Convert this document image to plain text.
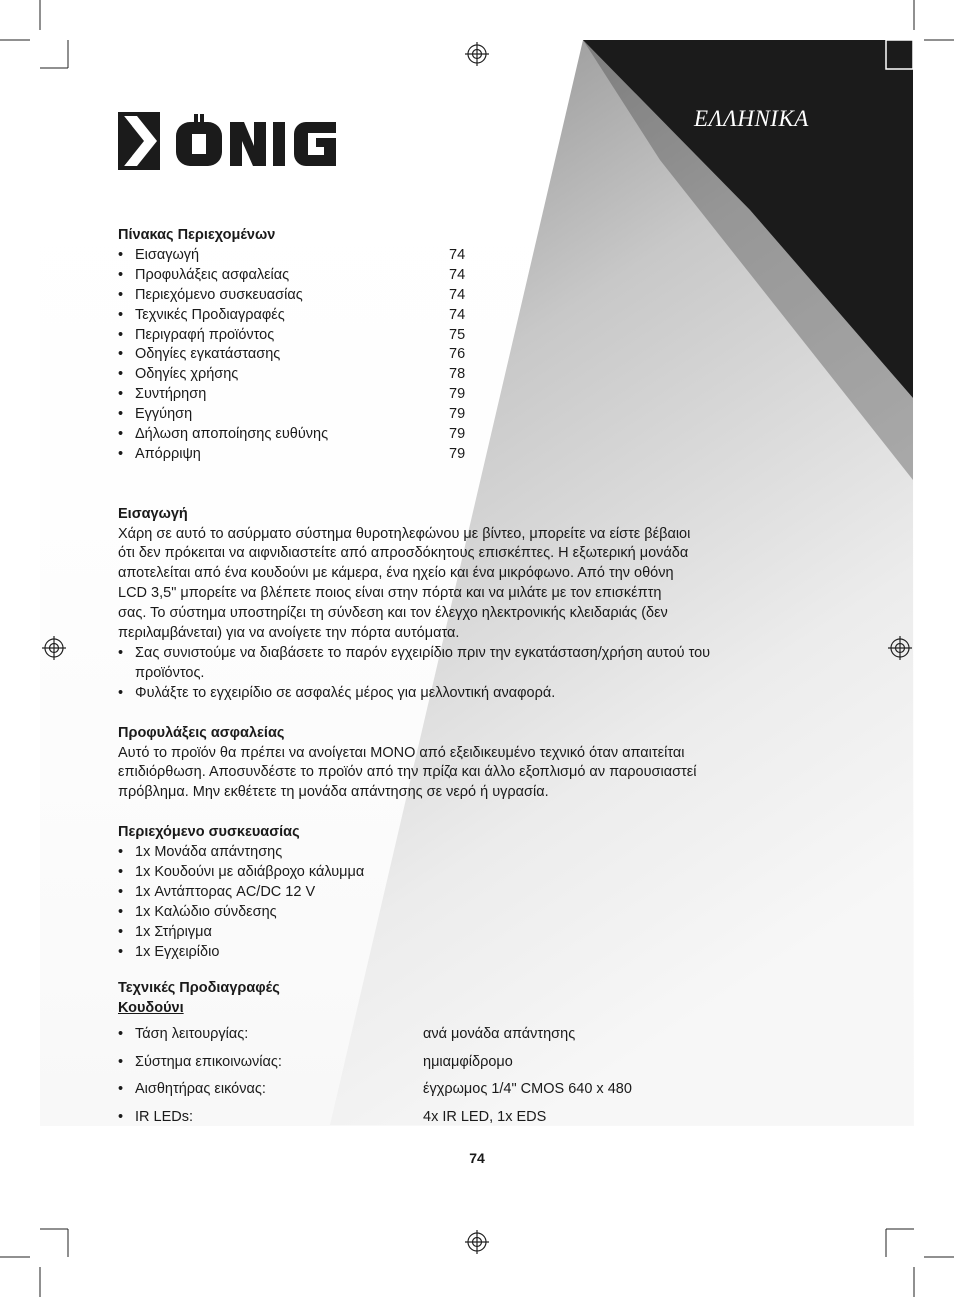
ΕΛΛΗΝΙΚΑ
Πίνακας Περιεχομένων
• Εισαγωγή	74
• Προφυλάξεις ασφαλείας	74
• Περιεχόμενο συσκευασίας	74
• Τεχνικές Προδιαγραφές	74
• Περιγραφή προϊόντος	75
• Οδηγίες εγκατάστασης	76
• Οδηγίες χρήσης	78
• Συντήρηση	79
• Εγγύηση	79
• Δήλωση αποποίησης ευθύνης	79
• Απόρριψη	79
Εισαγωγή
Χάρη σε αυτό το ασύρματο σύστημα θυροτηλεφώνου με βίντεο, μπορείτε να είστε βέβαιοι
ότι δεν πρόκειται να αιφνιδιαστείτε από απροσδόκητους επισκέπτες. Η εξωτερική μονάδα
αποτελείται από ένα κουδούνι με κάμερα, ένα ηχείο και ένα μικρόφωνο. Από την οθόνη
LCD 3,5" μπορείτε να βλέπετε ποιος είναι στην πόρτα και να μιλάτε με τον επισκέπτη
σας. Το σύστημα υποστηρίζει τη σύνδεση και τον έλεγχο ηλεκτρονικής κλειδαριάς (δεν
περιλαμβάνεται) για να ανοίγετε την πόρτα αυτόματα.
• Σας συνιστούμε να διαβάσετε το παρόν εγχειρίδιο πριν την εγκατάσταση/χρήση αυτού του
προϊόντος.
• Φυλάξτε το εγχειρίδιο σε ασφαλές μέρος για μελλοντική αναφορά.
Προφυλάξεις ασφαλείας
Αυτό το προϊόν θα πρέπει να ανοίγεται ΜΟΝΟ από εξειδικευμένο τεχνικό όταν απαιτείται
επιδιόρθωση. Αποσυνδέστε το προϊόν από την πρίζα και άλλο εξοπλισμό αν παρουσιαστεί
πρόβλημα. Μην εκθέτετε τη μονάδα απάντησης σε νερό ή υγρασία.
Περιεχόμενο συσκευασίας
• 1x Μονάδα απάντησης
• 1x Κουδούνι με αδιάβροχο κάλυμμα
• 1x Αντάπτορας AC/DC 12 V
• 1x Καλώδιο σύνδεσης
• 1x Στήριγμα
• 1x Εγχειρίδιο
Τεχνικές Προδιαγραφές
Κουδούνι
• Τάση λειτουργίας:	ανά μονάδα απάντησης
• Σύστημα επικοινωνίας:	ημιαμφίδρομο
• Αισθητήρας εικόνας:	έγχρωμος 1/4" CMOS 640 x 480
• IR LEDs:	4x IR LED, 1x EDS
74
